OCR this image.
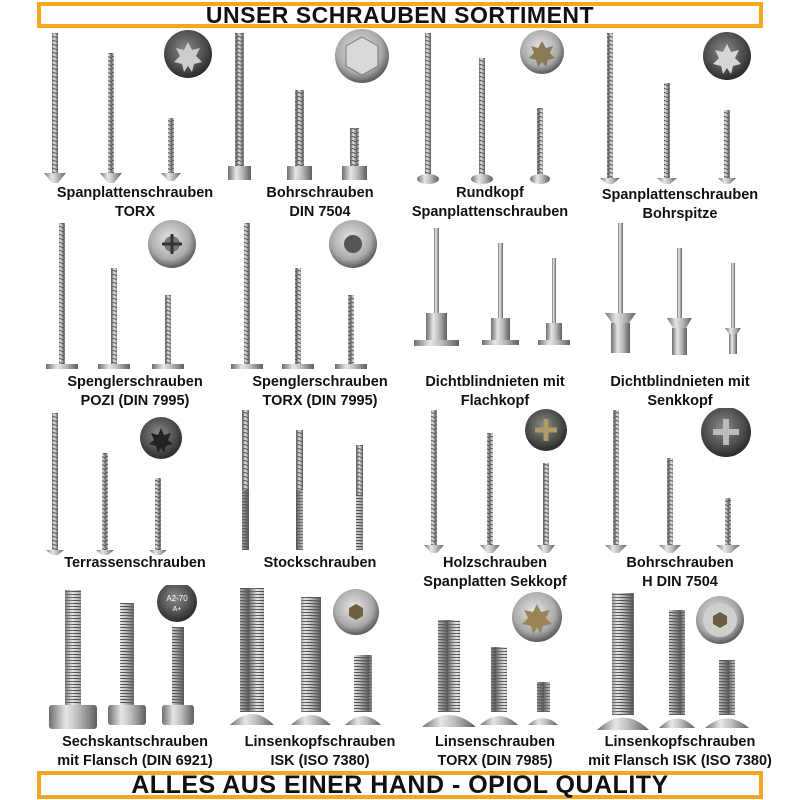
UNSER SCHRAUBEN SORTIMENT
Spanplattenschrauben
TORX
Bohrschrauben
DIN 7504
Rundkopf
Spanplattenschrauben
Spanplattenschrauben
Bohrspitze
Spenglerschrauben
POZI (DIN 7995)
Spenglerschrauben
TORX (DIN 7995)
Dichtblindnieten mit
Flachkopf
Dichtblindnieten mit
Senkkopf
Terrassenschrauben	Stockschrauben	Holzschrauben
Spanplatten Sekkopf
Bohrschrauben
H DIN 7504
A2-70
A+
Sechskantschrauben
mit Flansch (DIN 6921)
Linsenkopfschrauben
ISK (ISO 7380)
Linsenschrauben
TORX (DIN 7985)
Linsenkopfschrauben
mit Flansch ISK (ISO 7380)
ALLES AUS EINER HAND - OPIOL QUALITY
